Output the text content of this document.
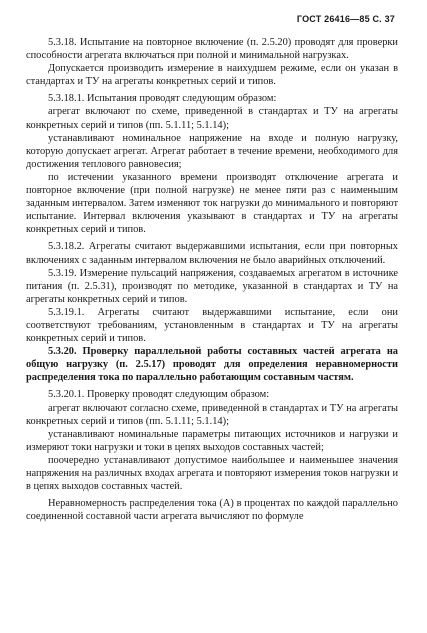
ГОСТ 26416—85 С. 37

5.3.18. Испытание на повторное включение (п. 2.5.20) проводят для проверки способности агрегата включаться при полной и минимальной нагрузках.

Допускается производить измерение в наихудшем режиме, если он указан в стандартах и ТУ на агрегаты конкретных серий и типов.

5.3.18.1. Испытания проводят следующим образом:

агрегат включают по схеме, приведенной в стандартах и ТУ на агрегаты конкретных серий и типов (пп. 5.1.11; 5.1.14);

устанавливают номинальное напряжение на входе и полную нагрузку, которую допускает агрегат. Агрегат работает в течение времени, необходимого для достижения теплового равновесия;

по истечении указанного времени производят отключение агрегата и повторное включение (при полной нагрузке) не менее пяти раз с наименьшим заданным интервалом. Затем изменяют ток нагрузки до минимального и повторяют испытание. Интервал включения указывают в стандартах и ТУ на агрегаты конкретных серий и типов.

5.3.18.2. Агрегаты считают выдержавшими испытания, если при повторных включениях с заданным интервалом включения не было аварийных отключений.

5.3.19. Измерение пульсаций напряжения, создаваемых агрегатом в источнике питания (п. 2.5.31), производят по методике, указанной в стандартах и ТУ на агрегаты конкретных серий и типов.

5.3.19.1. Агрегаты считают выдержавшими испытание, если они соответствуют требованиям, установленным в стандартах и ТУ на агрегаты конкретных серий и типов.

5.3.20. Проверку параллельной работы составных частей агрегата на общую нагрузку (п. 2.5.17) проводят для определения неравномерности распределения тока по параллельно работающим составным частям.

5.3.20.1. Проверку проводят следующим образом:

агрегат включают согласно схеме, приведенной в стандартах и ТУ на агрегаты конкретных серий и типов (пп. 5.1.11; 5.1.14);

устанавливают номинальные параметры питающих источников и нагрузки и измеряют токи нагрузки и токи в цепях выходов составных частей;

поочередно устанавливают допустимое наибольшее и наименьшее значения напряжения на различных входах агрегата и повторяют измерения токов нагрузки и в цепях выходов составных частей.

Неравномерность распределения тока (A) в процентах по каждой параллельно соединенной составной части агрегата вычисляют по формуле
